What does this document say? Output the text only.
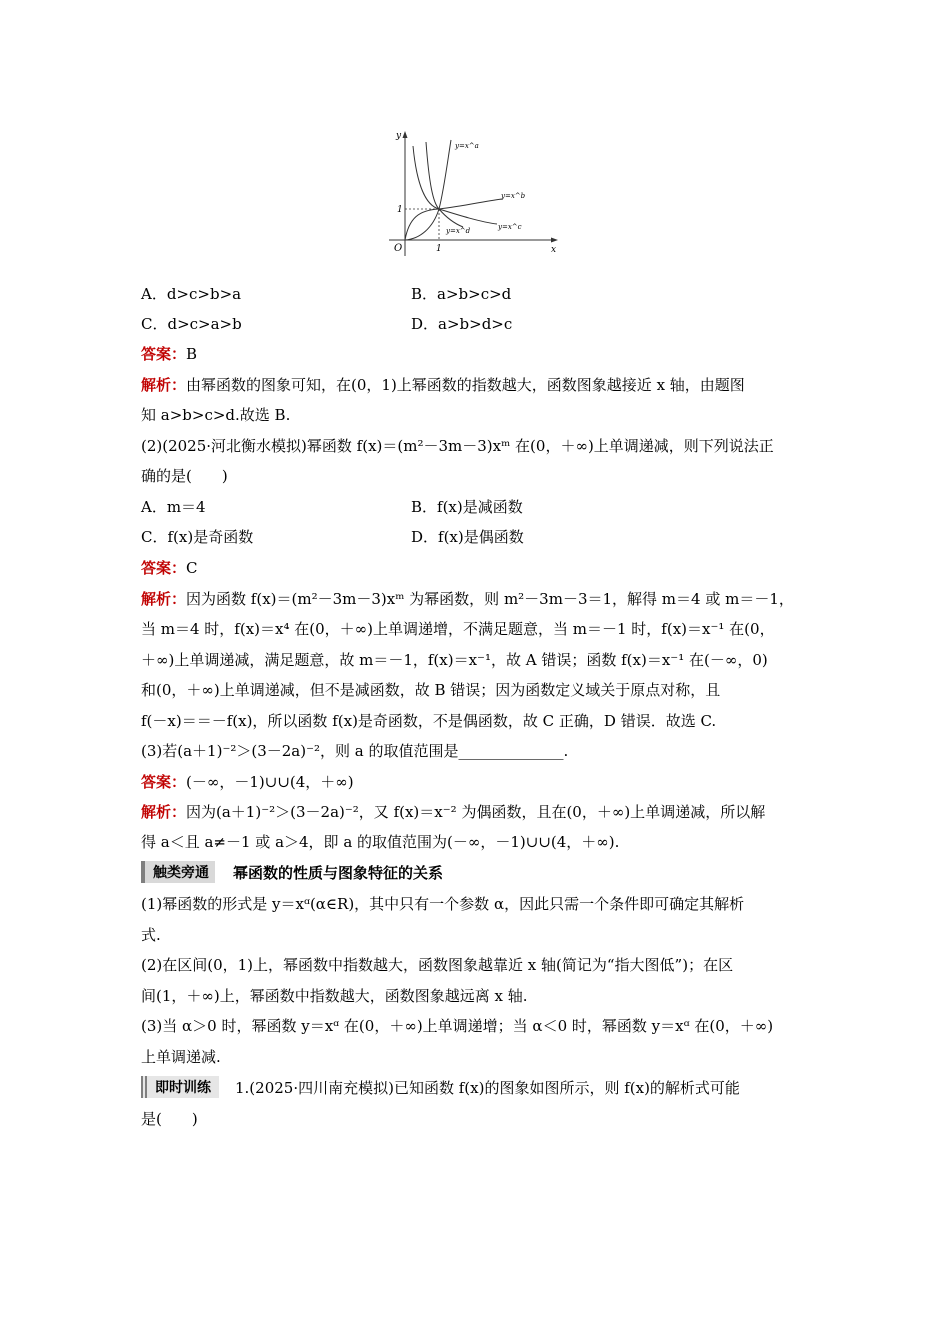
y
x
O	1
1
y=x^a
y=x^b
y=x^c
y=x^d
A．d>c>b>a	B．a>b>c>d
C．d>c>a>b	D．a>b>d>c
答案：B
解析：由幂函数的图象可知，在(0，1)上幂函数的指数越大，函数图象越接近 x 轴，由题图
知 a>b>c>d.故选 B.
(2)(2025·河北衡水模拟)幂函数 f(x)＝(m²－3m－3)xᵐ 在(0，＋∞)上单调递减，则下列说法正
确的是(　　)
A．m＝4	B．f(x)是减函数
C．f(x)是奇函数	D．f(x)是偶函数
答案：C
解析：因为函数 f(x)＝(m²－3m－3)xᵐ 为幂函数，则 m²－3m－3＝1，解得 m＝4 或 m＝－1，
当 m＝4 时，f(x)＝x⁴ 在(0，＋∞)上单调递增，不满足题意，当 m＝－1 时，f(x)＝x⁻¹ 在(0，
＋∞)上单调递减，满足题意，故 m＝－1，f(x)＝x⁻¹，故 A 错误；函数 f(x)＝x⁻¹ 在(－∞，0)
和(0，＋∞)上单调递减，但不是减函数，故 B 错误；因为函数定义域关于原点对称，且
f(－x)＝＝－f(x)，所以函数 f(x)是奇函数，不是偶函数，故 C 正确，D 错误．故选 C.
(3)若(a＋1)⁻²＞(3－2a)⁻²，则 a 的取值范围是______________.
答案：(－∞，－1)∪∪(4，＋∞)
解析：因为(a＋1)⁻²＞(3－2a)⁻²，又 f(x)＝x⁻² 为偶函数，且在(0，＋∞)上单调递减，所以解
得 a＜且 a≠－1 或 a＞4，即 a 的取值范围为(－∞，－1)∪∪(4，＋∞).
触类旁通	幂函数的性质与图象特征的关系
(1)幂函数的形式是 y＝xᵅ(α∈R)，其中只有一个参数 α，因此只需一个条件即可确定其解析
式.
(2)在区间(0，1)上，幂函数中指数越大，函数图象越靠近 x 轴(简记为“指大图低”)；在区
间(1，＋∞)上，幂函数中指数越大，函数图象越远离 x 轴.
(3)当 α＞0 时，幂函数 y＝xᵅ 在(0，＋∞)上单调递增；当 α＜0 时，幂函数 y＝xᵅ 在(0，＋∞)
上单调递减.
即时训练	1.(2025·四川南充模拟)已知函数 f(x)的图象如图所示，则 f(x)的解析式可能
是(　　)
